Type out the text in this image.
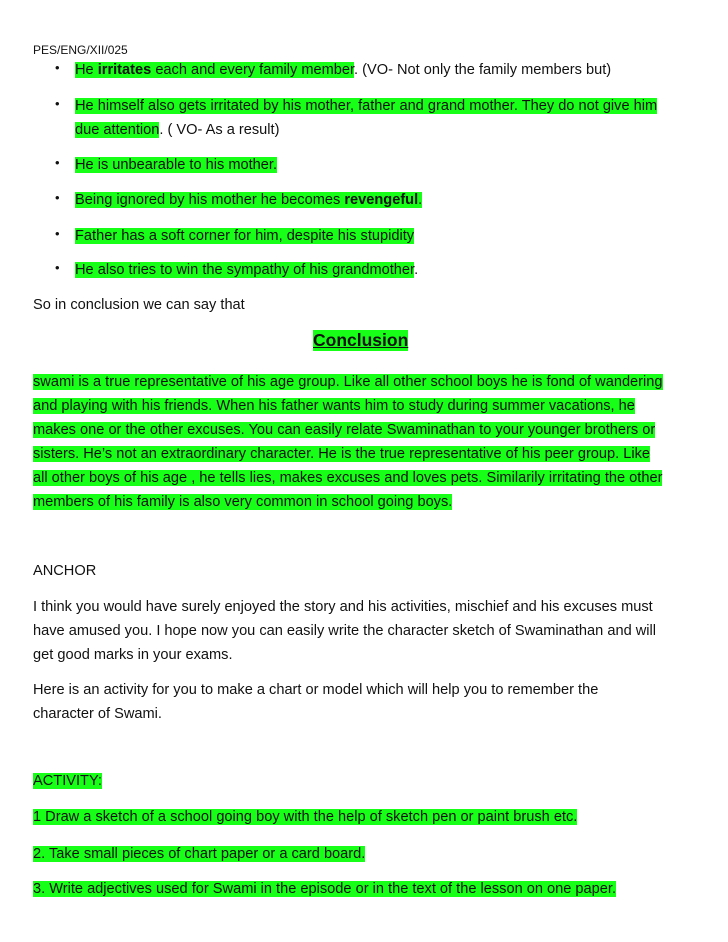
PES/ENG/XII/025
• He irritates each and every family member. (VO- Not only the family members but)
• He himself also gets irritated by his mother, father and grand mother. They do not give him
due attention. ( VO- As a result)
• He is unbearable to his mother.
• Being ignored by his mother he becomes revengeful.
• Father has a soft corner for him, despite his stupidity
• He also tries to win the sympathy of his grandmother.
So in conclusion we can say that
Conclusion
swami is a true representative of his age group. Like all other school boys he is fond of wandering
and playing with his friends. When his father wants him to study during summer vacations, he
makes one or the other excuses. You can easily relate Swaminathan to your younger brothers or
sisters. He’s not an extraordinary character. He is the true representative of his peer group. Like
all other boys of his age , he tells lies, makes excuses and loves pets. Similarily irritating the other
members of his family is also very common in school going boys.
ANCHOR
I think you would have surely enjoyed the story and his activities, mischief and his excuses must
have amused you. I hope now you can easily write the character sketch of Swaminathan and will
get good marks in your exams.
Here is an activity for you to make a chart or model which will help you to remember the
character of Swami.
ACTIVITY:
1 Draw a sketch of a school going boy with the help of sketch pen or paint brush etc.
2. Take small pieces of chart paper or a card board.
3. Write adjectives used for Swami in the episode or in the text of the lesson on one paper.
